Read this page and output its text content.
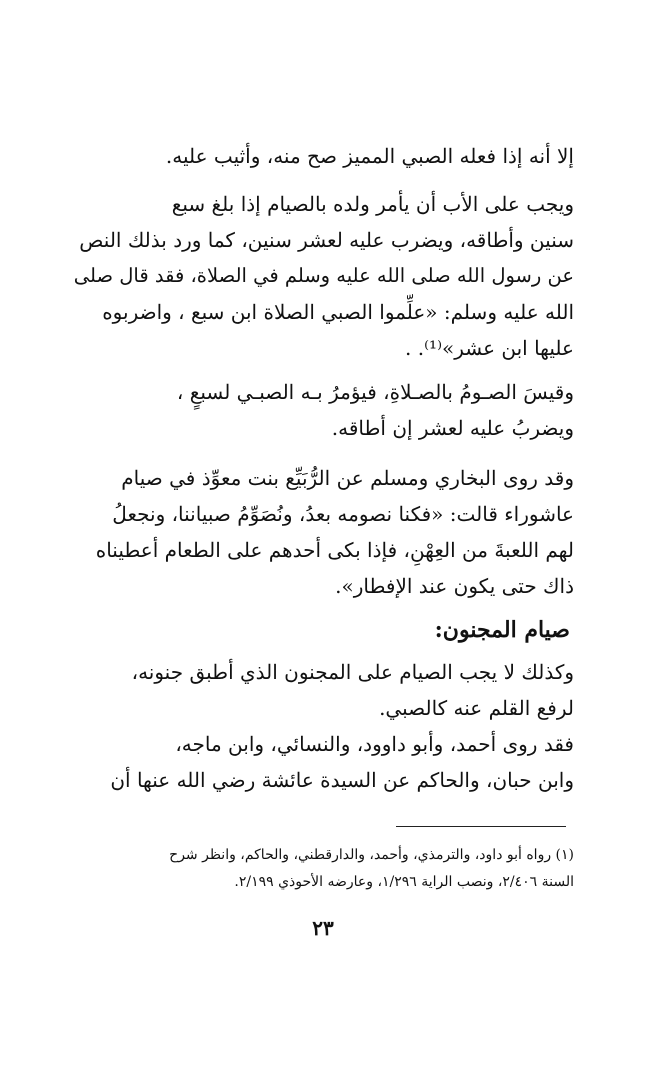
إلا أنه إذا فعله الصبي المميز صح منه، وأثيب عليه.
ويجب على الأب أن يأمر ولده بالصيام إذا بلغ سبع
سنين وأطاقه، ويضرب عليه لعشر سنين، كما ورد بذلك النص
عن رسول الله صلى الله عليه وسلم في الصلاة، فقد قال صلى
الله عليه وسلم: «علِّموا الصبي الصلاة ابن سبع ، واضربوه
عليها ابن عشر»⁽¹⁾. .
وقيسَ الصـومُ بالصـلاةِ، فيؤمرُ بـه الصبـي لسبعٍ ،
ويضربُ عليه لعشر إن أطاقه.
وقد روى البخاري ومسلم عن الرُّبَيِّع بنت معوِّذ في صيام
عاشوراء قالت: «فكنا نصومه بعدُ، ونُصَوِّمُ صبياننا، ونجعلُ
لهم اللعبةَ من العِهْنِ، فإذا بكى أحدهم على الطعام أعطيناه
ذاك حتى يكون عند الإفطار».
صيام المجنون:
وكذلك لا يجب الصيام على المجنون الذي أطبق جنونه،
لرفع القلم عنه كالصبي.
فقد روى أحمد، وأبو داوود، والنسائي، وابن ماجه،
وابن حبان، والحاكم عن السيدة عائشة رضي الله عنها أن
(١) رواه أبو داود، والترمذي، وأحمد، والدارقطني، والحاكم، وانظر شرح
السنة ٢/٤٠٦، ونصب الراية ١/٢٩٦، وعارضه الأحوذي ٢/١٩٩.
٢٣
